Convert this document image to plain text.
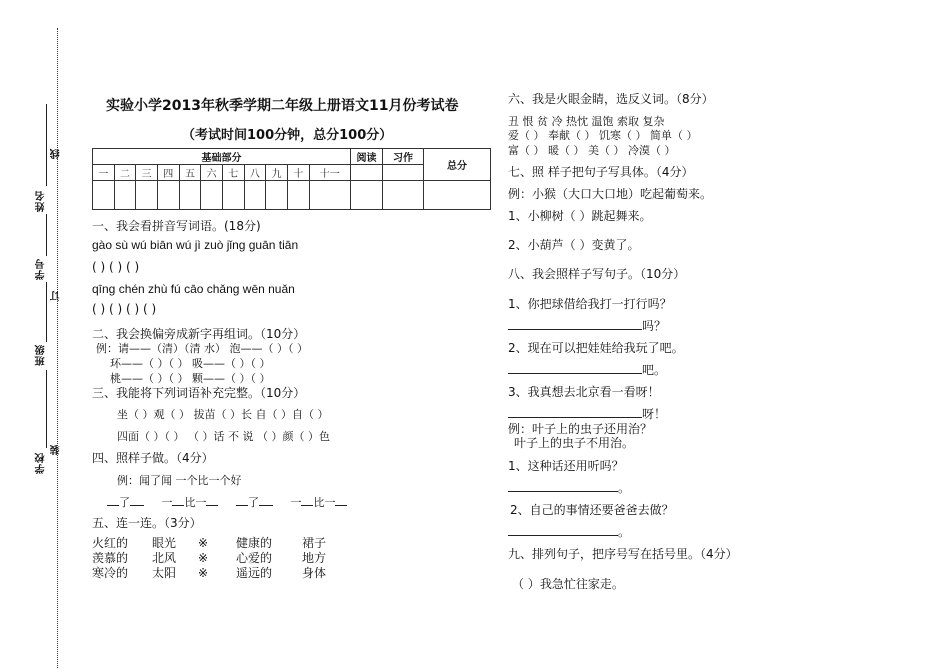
线
姓名
学号
订
班级
学校
装
实验小学2013年秋季学期二年级上册语文11月份考试卷
（考试时间100分钟，总分100分）
基础部分											阅读	习作	总分
一	二	三	四	五	六	七	八	九	十	十一			

一、我会看拼音写词语。(18分)
gào sù wú biān wú jì zuò jǐng guān tiān
( ) ( ) ( )
qīng chén zhù fú cāo chǎng wēn nuǎn
( ) ( ) ( ) ( )
二、我会换偏旁成新字再组词。（10分）
例：请——（清）（清 水） 泡——（ ）（ ）
环——（ ）（ ） 吸——（ ）（ ）
桃——（ ）（ ） 颗——（ ）（ ）
三、我能将下列词语补充完整。（10分）
坐（ ）观（ ） 拔苗（ ）长 自（ ）自（ ）
四面（ ）（ ） （ ）话 不 说 （ ）颜（ ）色
四、照样子做。（4分）
例：闻了闻 一个比一个好
了	一 比一	了	一 比一
五、连一连。（3分）
火红的 眼光 ※ 健康的 裙子
羡慕的 北风 ※ 心爱的 地方
寒冷的 太阳 ※ 遥远的 身体
六、我是火眼金睛，选反义词。（8分）
丑 恨 贫 冷 热忱 温饱 索取 复杂
爱（ ） 奉献（ ） 饥寒（ ） 简单（ ）
富（ ） 暖（ ） 美（ ） 冷漠（ ）
七、照 样子把句子写具体。（4分）
例：小猴（大口大口地）吃起葡萄来。
1、小柳树（ ）跳起舞来。
2、小葫芦（ ）变黄了。
八、我会照样子写句子。（10分）
1、你把球借给我打一打行吗？
吗？
2、现在可以把娃娃给我玩了吧。
吧。
3、我真想去北京看一看呀！
呀！
例：叶子上的虫子还用治？
叶子上的虫子不用治。
1、这种话还用听吗？
。
2、自己的事情还要爸爸去做？
。
九、排列句子，把序号写在括号里。（4分）
（ ）我急忙往家走。
